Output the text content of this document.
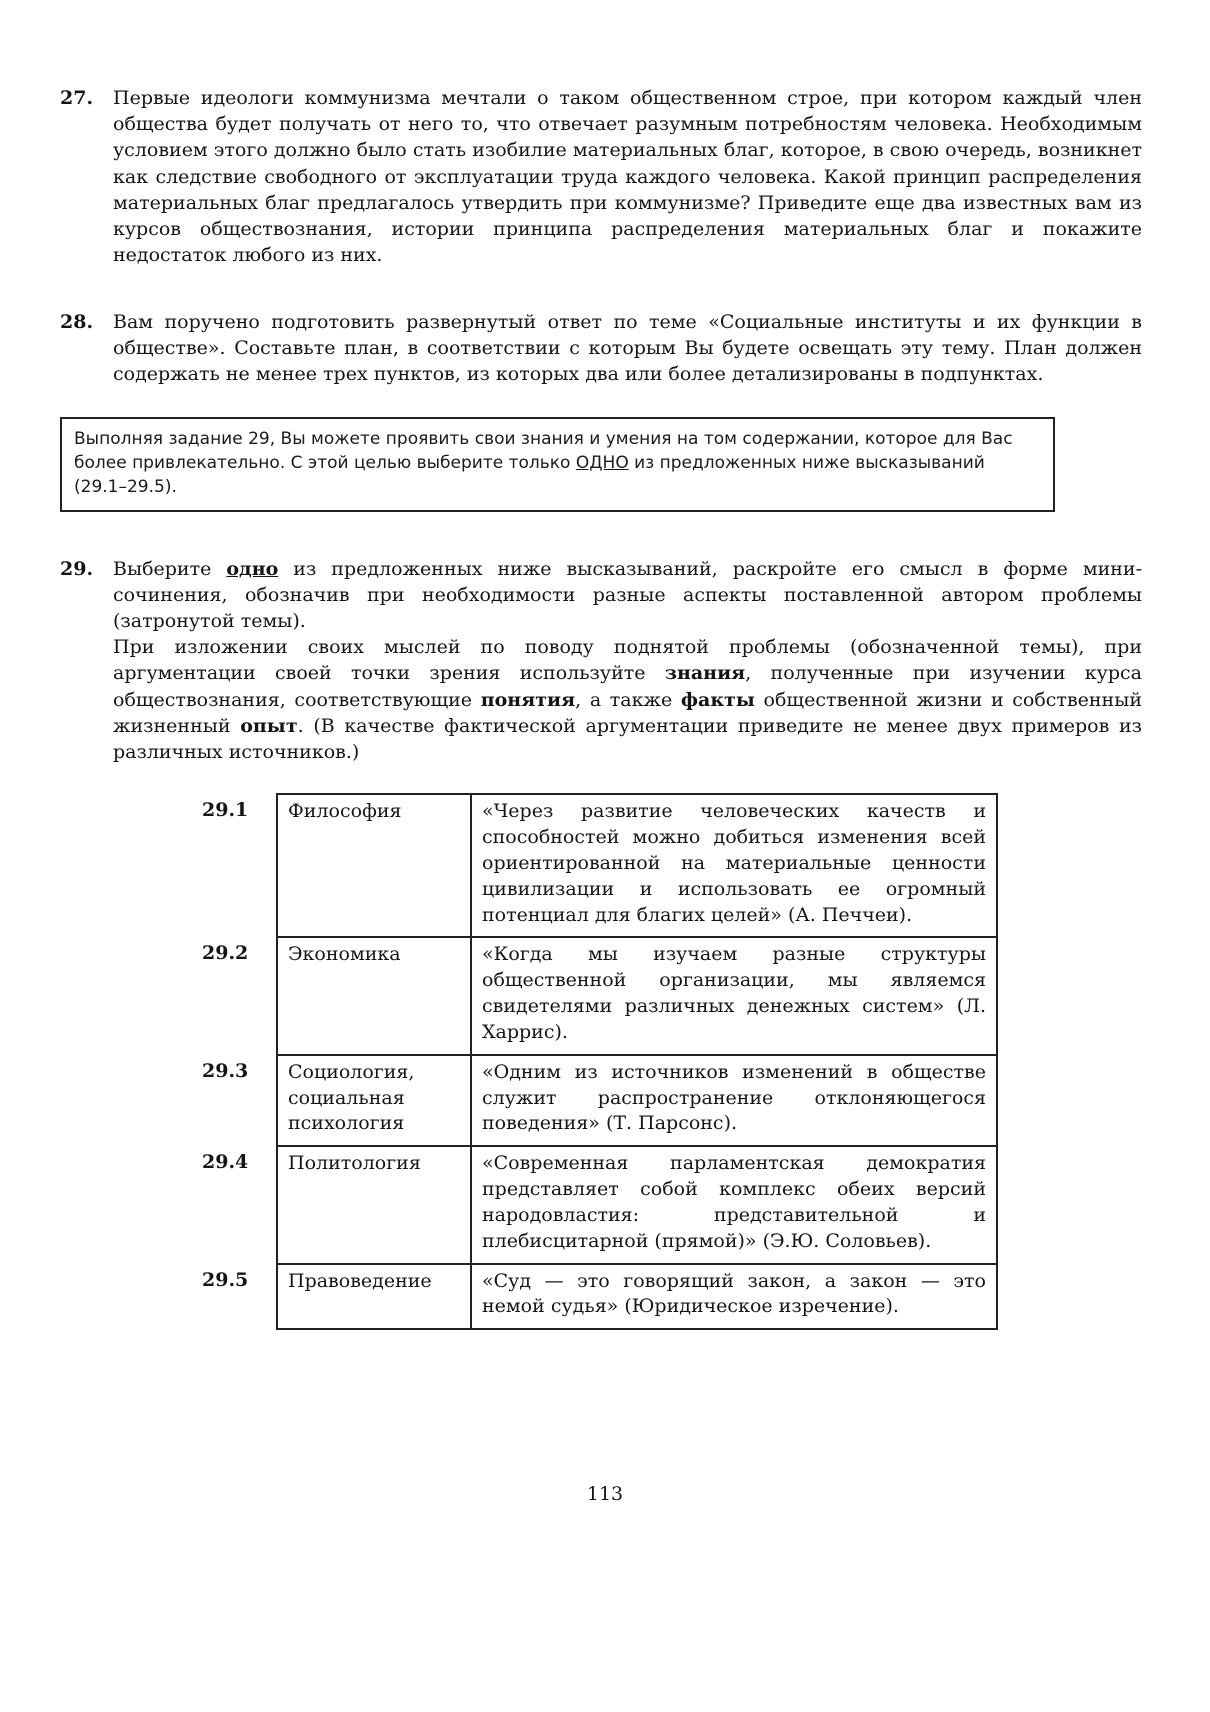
27.	Первые идеологи коммунизма мечтали о таком общественном строе, при котором каждый член общества будет получать от него то, что отвечает разумным потребностям человека. Необходимым условием этого должно было стать изобилие материальных благ, которое, в свою очередь, возникнет как следствие свободного от эксплуатации труда каждого человека. Какой принцип распределения материальных благ предлагалось утвердить при коммунизме? Приведите еще два известных вам из курсов обществознания, истории принципа распределения материальных благ и покажите недостаток любого из них.
28.	Вам поручено подготовить развернутый ответ по теме «Социальные институты и их функции в обществе». Составьте план, в соответствии с которым Вы будете освещать эту тему. План должен содержать не менее трех пунктов, из которых два или более детализированы в подпунктах.
Выполняя задание 29, Вы можете проявить свои знания и умения на том содержании, которое для Вас более привлекательно. С этой целью выберите только ОДНО из предложенных ниже высказываний (29.1–29.5).
29.	Выберите одно из предложенных ниже высказываний, раскройте его смысл в форме мини-сочинения, обозначив при необходимости разные аспекты поставленной автором проблемы (затронутой темы).

При изложении своих мыслей по поводу поднятой проблемы (обозначенной темы), при аргументации своей точки зрения используйте знания, полученные при изучении курса обществознания, соответствующие понятия, а также факты общественной жизни и собственный жизненный опыт. (В качестве фактической аргументации приведите не менее двух примеров из различных источников.)

29.1	Философия	«Через развитие человеческих качеств и способностей можно добиться изменения всей ориентированной на материальные ценности цивилизации и использовать ее огромный потенциал для благих целей» (А. Печчеи).
29.2	Экономика	«Когда мы изучаем разные структуры общественной организации, мы являемся свидетелями различных денежных систем» (Л. Харрис).
29.3	Социология, социальная психология	«Одним из источников изменений в обществе служит распространение отклоняющегося поведения» (Т. Парсонс).
29.4	Политология	«Современная парламентская демократия представляет собой комплекс обеих версий народовластия: представительной и плебисцитарной (прямой)» (Э.Ю. Соловьев).
29.5	Правоведение	«Суд — это говорящий закон, а закон — это немой судья» (Юридическое изречение).
113
